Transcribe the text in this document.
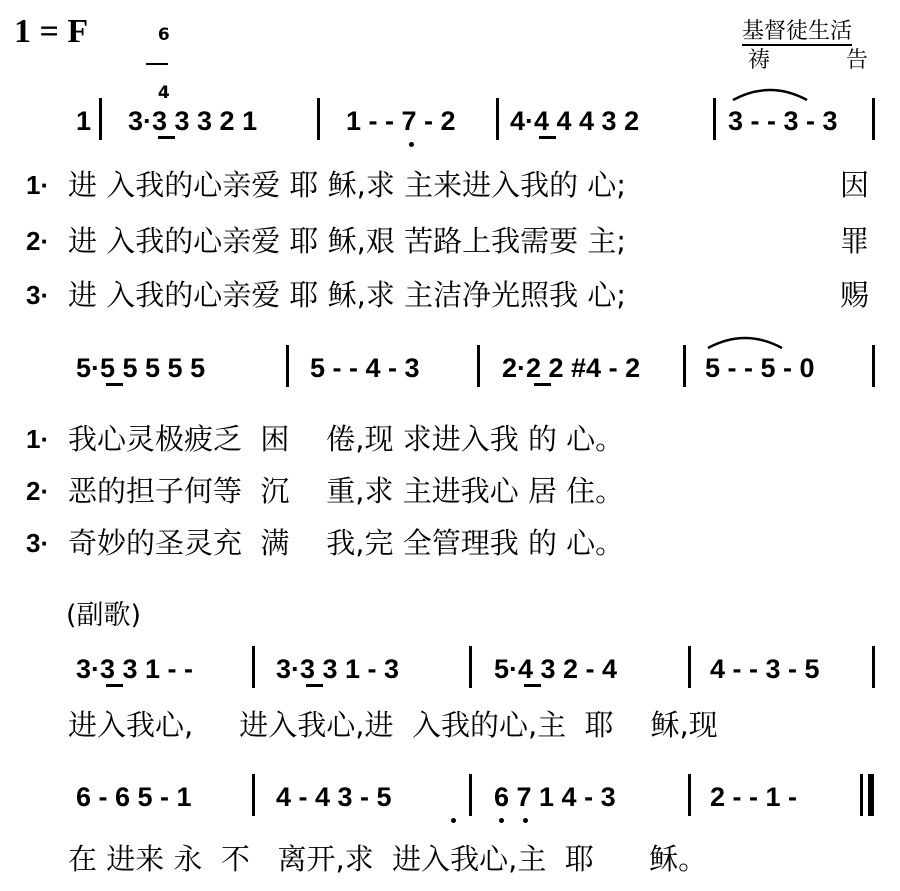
1 = F	6

4

基督徒生活
祷	告
1 3·3 3 3 2 1	1 - - 7 - 2 4·4 4 4 3 2	3 - - 3 - 3
1· 进 入我的心亲爱 耶 稣,求 主来进入我的 心;	因
2· 进 入我的心亲爱 耶 稣,艰 苦路上我需要 主;	罪
3· 进 入我的心亲爱 耶 稣,求 主洁净光照我 心;	赐
5·5 5 5 5 5	5 - - 4 - 3	2·2 2 #4 - 2 5 - - 5 - 0
1· 我心灵极疲乏  困    倦,现 求进入我 的 心。
2· 恶的担子何等  沉    重,求 主进我心 居 住。
3· 奇妙的圣灵充  满    我,完 全管理我 的 心。
(副歌)
3·3 3 1 - -	3·3 3 1 - 3	5·4 3 2 - 4	4 - - 3 - 5
进入我心,     进入我心,进  入我的心,主  耶    稣,现
6 - 6 5 - 1	4 - 4 3 - 5	6 7 1 4 - 3	2 - - 1 -
在 进来 永  不   离开,求  进入我心,主  耶      稣。
